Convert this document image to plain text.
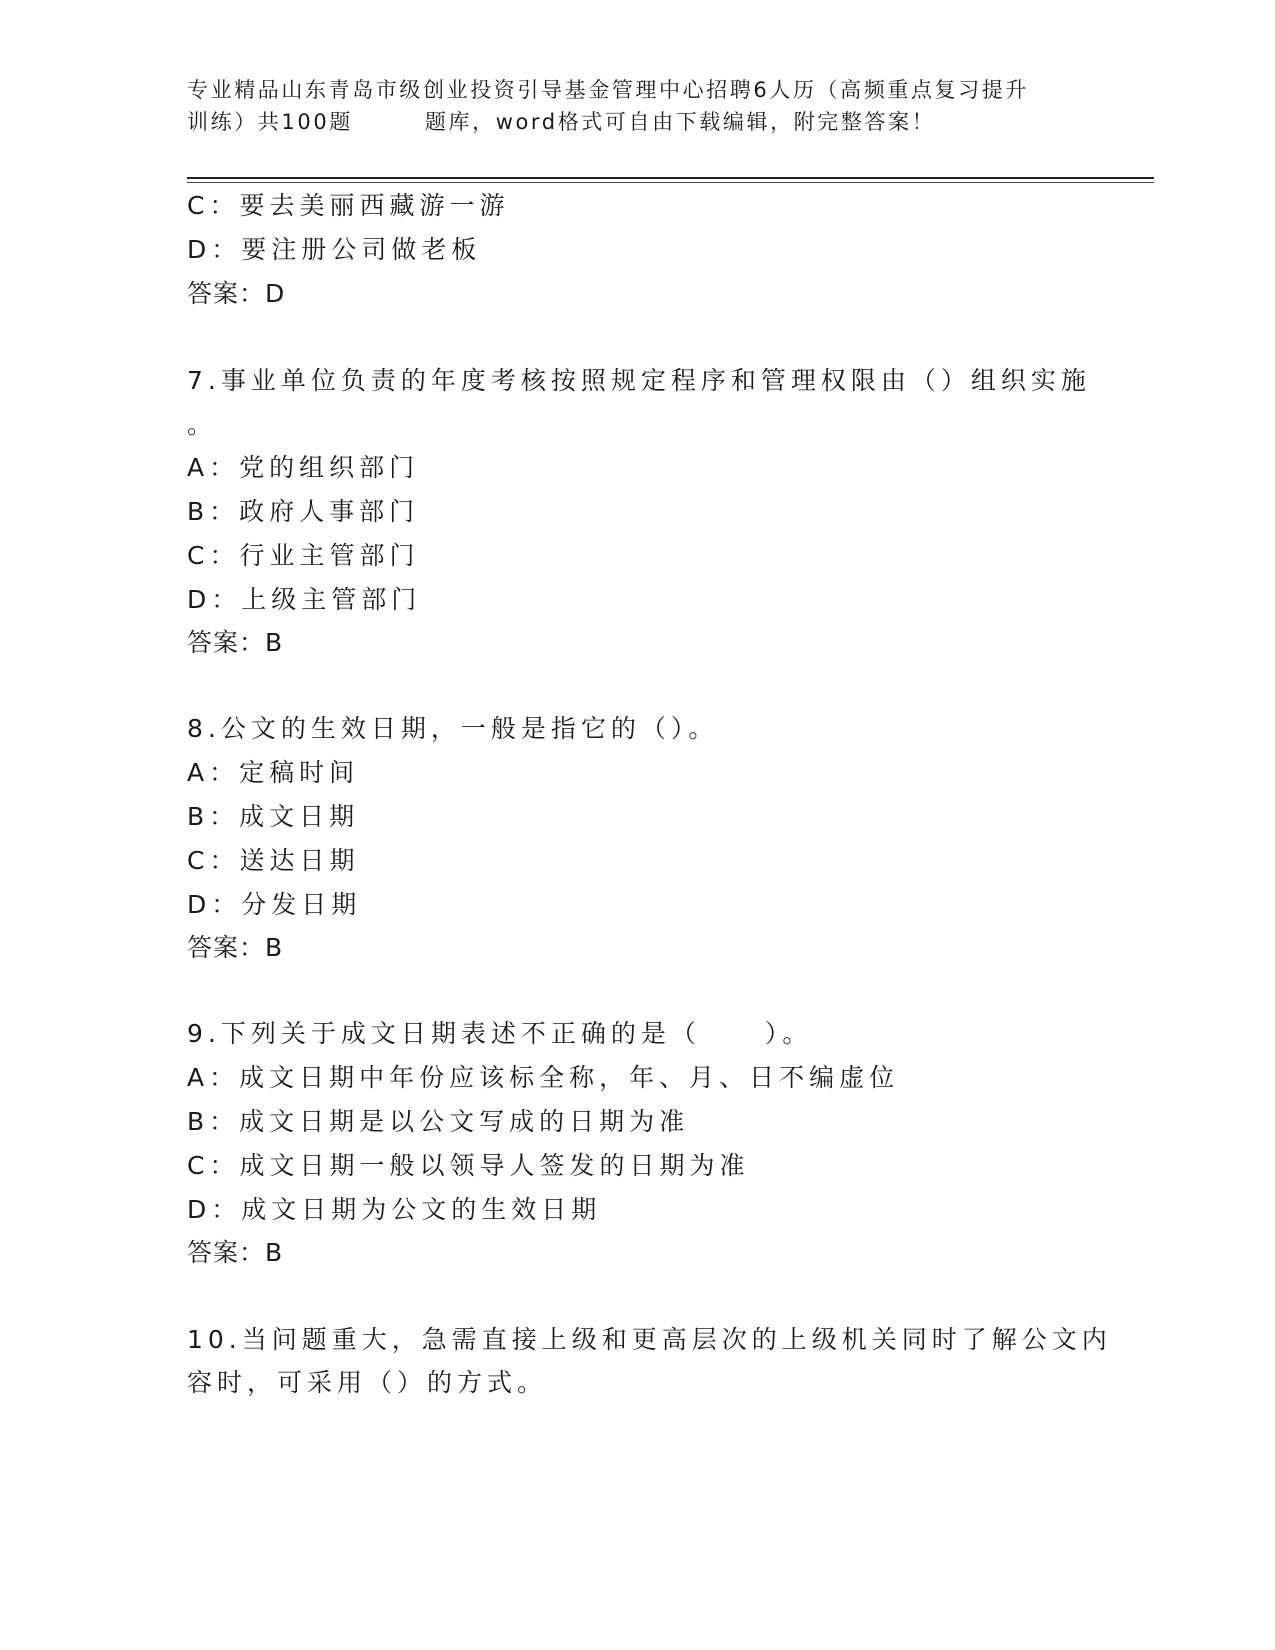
专业精品山东青岛市级创业投资引导基金管理中心招聘6人历（高频重点复习提升
训练）共100题	题库，word格式可自由下载编辑，附完整答案！
C：要去美丽西藏游一游
D：要注册公司做老板
答案：D
7.事业单位负责的年度考核按照规定程序和管理权限由（）组织实施
。
A：党的组织部门
B：政府人事部门
C：行业主管部门
D：上级主管部门
答案：B
8.公文的生效日期，一般是指它的（）。
A：定稿时间
B：成文日期
C：送达日期
D：分发日期
答案：B
9.下列关于成文日期表述不正确的是（	）。
A：成文日期中年份应该标全称，年、月、日不编虚位
B：成文日期是以公文写成的日期为准
C：成文日期一般以领导人签发的日期为准
D：成文日期为公文的生效日期
答案：B
10.当问题重大，急需直接上级和更高层次的上级机关同时了解公文内
容时，可采用（）的方式。
